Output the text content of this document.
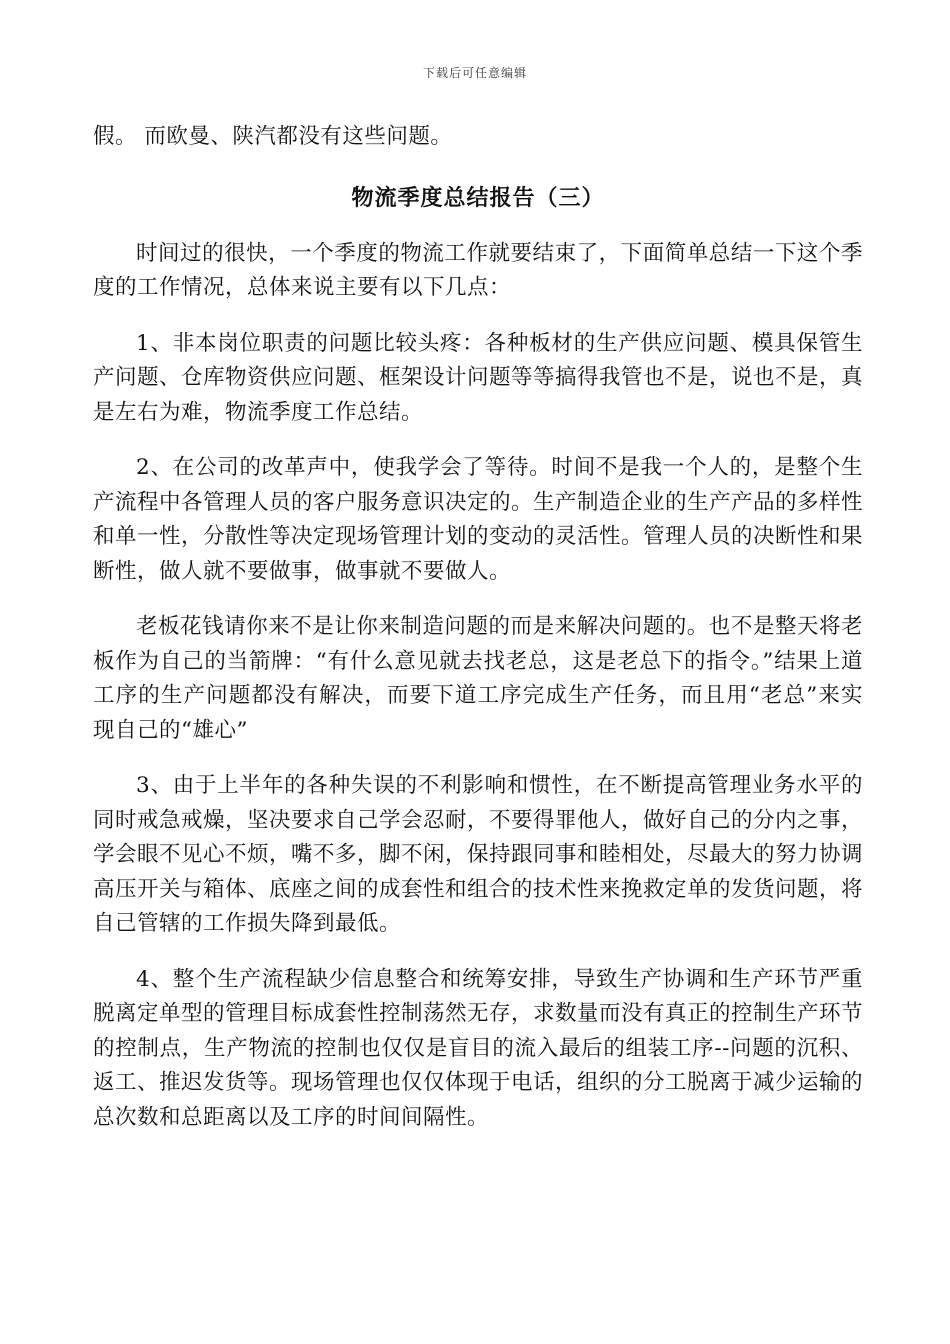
下载后可任意编辑

假。 而欧曼、陕汽都没有这些问题。

物流季度总结报告（三）

时间过的很快，一个季度的物流工作就要结束了，下面简单总结一下这个季度的工作情况，总体来说主要有以下几点：

1、非本岗位职责的问题比较头疼：各种板材的生产供应问题、模具保管生产问题、仓库物资供应问题、框架设计问题等等搞得我管也不是，说也不是，真是左右为难，物流季度工作总结。

2、在公司的改革声中，使我学会了等待。时间不是我一个人的，是整个生产流程中各管理人员的客户服务意识决定的。生产制造企业的生产产品的多样性和单一性，分散性等决定现场管理计划的变动的灵活性。管理人员的决断性和果断性，做人就不要做事，做事就不要做人。

老板花钱请你来不是让你来制造问题的而是来解决问题的。也不是整天将老板作为自己的当箭牌：“有什么意见就去找老总，这是老总下的指令。”结果上道工序的生产问题都没有解决，而要下道工序完成生产任务，而且用“老总”来实现自己的“雄心”

3、由于上半年的各种失误的不利影响和惯性，在不断提高管理业务水平的同时戒急戒燥，坚决要求自己学会忍耐，不要得罪他人，做好自己的分内之事，学会眼不见心不烦，嘴不多，脚不闲，保持跟同事和睦相处，尽最大的努力协调高压开关与箱体、底座之间的成套性和组合的技术性来挽救定单的发货问题，将自己管辖的工作损失降到最低。

4、整个生产流程缺少信息整合和统筹安排，导致生产协调和生产环节严重脱离定单型的管理目标成套性控制荡然无存，求数量而没有真正的控制生产环节的控制点，生产物流的控制也仅仅是盲目的流入最后的组装工序--问题的沉积、返工、推迟发货等。现场管理也仅仅体现于电话，组织的分工脱离于减少运输的总次数和总距离以及工序的时间间隔性。
